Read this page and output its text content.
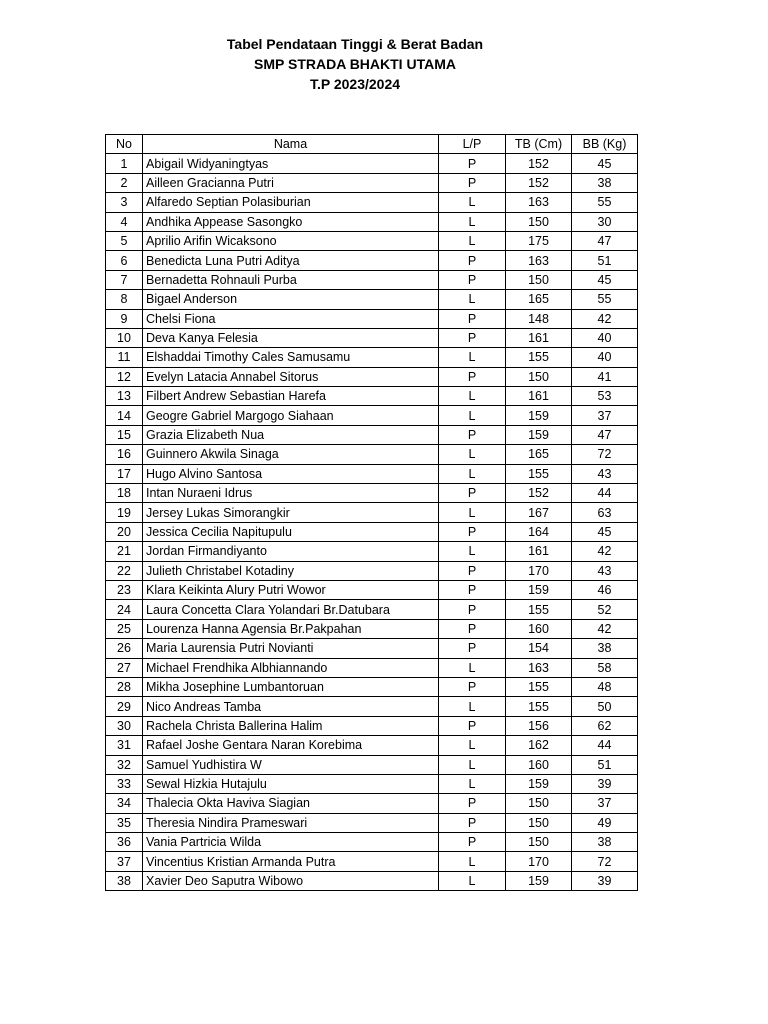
Tabel Pendataan Tinggi & Berat Badan
SMP STRADA BHAKTI UTAMA
T.P 2023/2024
No	Nama	L/P	TB (Cm)	BB (Kg)
1	Abigail Widyaningtyas	P	152	45
2	Ailleen Gracianna Putri	P	152	38
3	Alfaredo Septian Polasiburian	L	163	55
4	Andhika Appease Sasongko	L	150	30
5	Aprilio Arifin Wicaksono	L	175	47
6	Benedicta Luna Putri Aditya	P	163	51
7	Bernadetta Rohnauli Purba	P	150	45
8	Bigael Anderson	L	165	55
9	Chelsi Fiona	P	148	42
10	Deva Kanya Felesia	P	161	40
11	Elshaddai Timothy Cales Samusamu	L	155	40
12	Evelyn Latacia Annabel Sitorus	P	150	41
13	Filbert Andrew Sebastian Harefa	L	161	53
14	Geogre Gabriel Margogo Siahaan	L	159	37
15	Grazia Elizabeth Nua	P	159	47
16	Guinnero Akwila Sinaga	L	165	72
17	Hugo Alvino Santosa	L	155	43
18	Intan Nuraeni Idrus	P	152	44
19	Jersey Lukas Simorangkir	L	167	63
20	Jessica Cecilia Napitupulu	P	164	45
21	Jordan Firmandiyanto	L	161	42
22	Julieth Christabel Kotadiny	P	170	43
23	Klara Keikinta Alury Putri Wowor	P	159	46
24	Laura Concetta Clara Yolandari Br.Datubara	P	155	52
25	Lourenza Hanna Agensia Br.Pakpahan	P	160	42
26	Maria Laurensia Putri Novianti	P	154	38
27	Michael Frendhika Albhiannando	L	163	58
28	Mikha Josephine Lumbantoruan	P	155	48
29	Nico Andreas Tamba	L	155	50
30	Rachela Christa Ballerina Halim	P	156	62
31	Rafael Joshe Gentara Naran Korebima	L	162	44
32	Samuel Yudhistira W	L	160	51
33	Sewal Hizkia Hutajulu	L	159	39
34	Thalecia Okta Haviva Siagian	P	150	37
35	Theresia Nindira Prameswari	P	150	49
36	Vania Partricia Wilda	P	150	38
37	Vincentius Kristian Armanda Putra	L	170	72
38	Xavier Deo Saputra Wibowo	L	159	39
